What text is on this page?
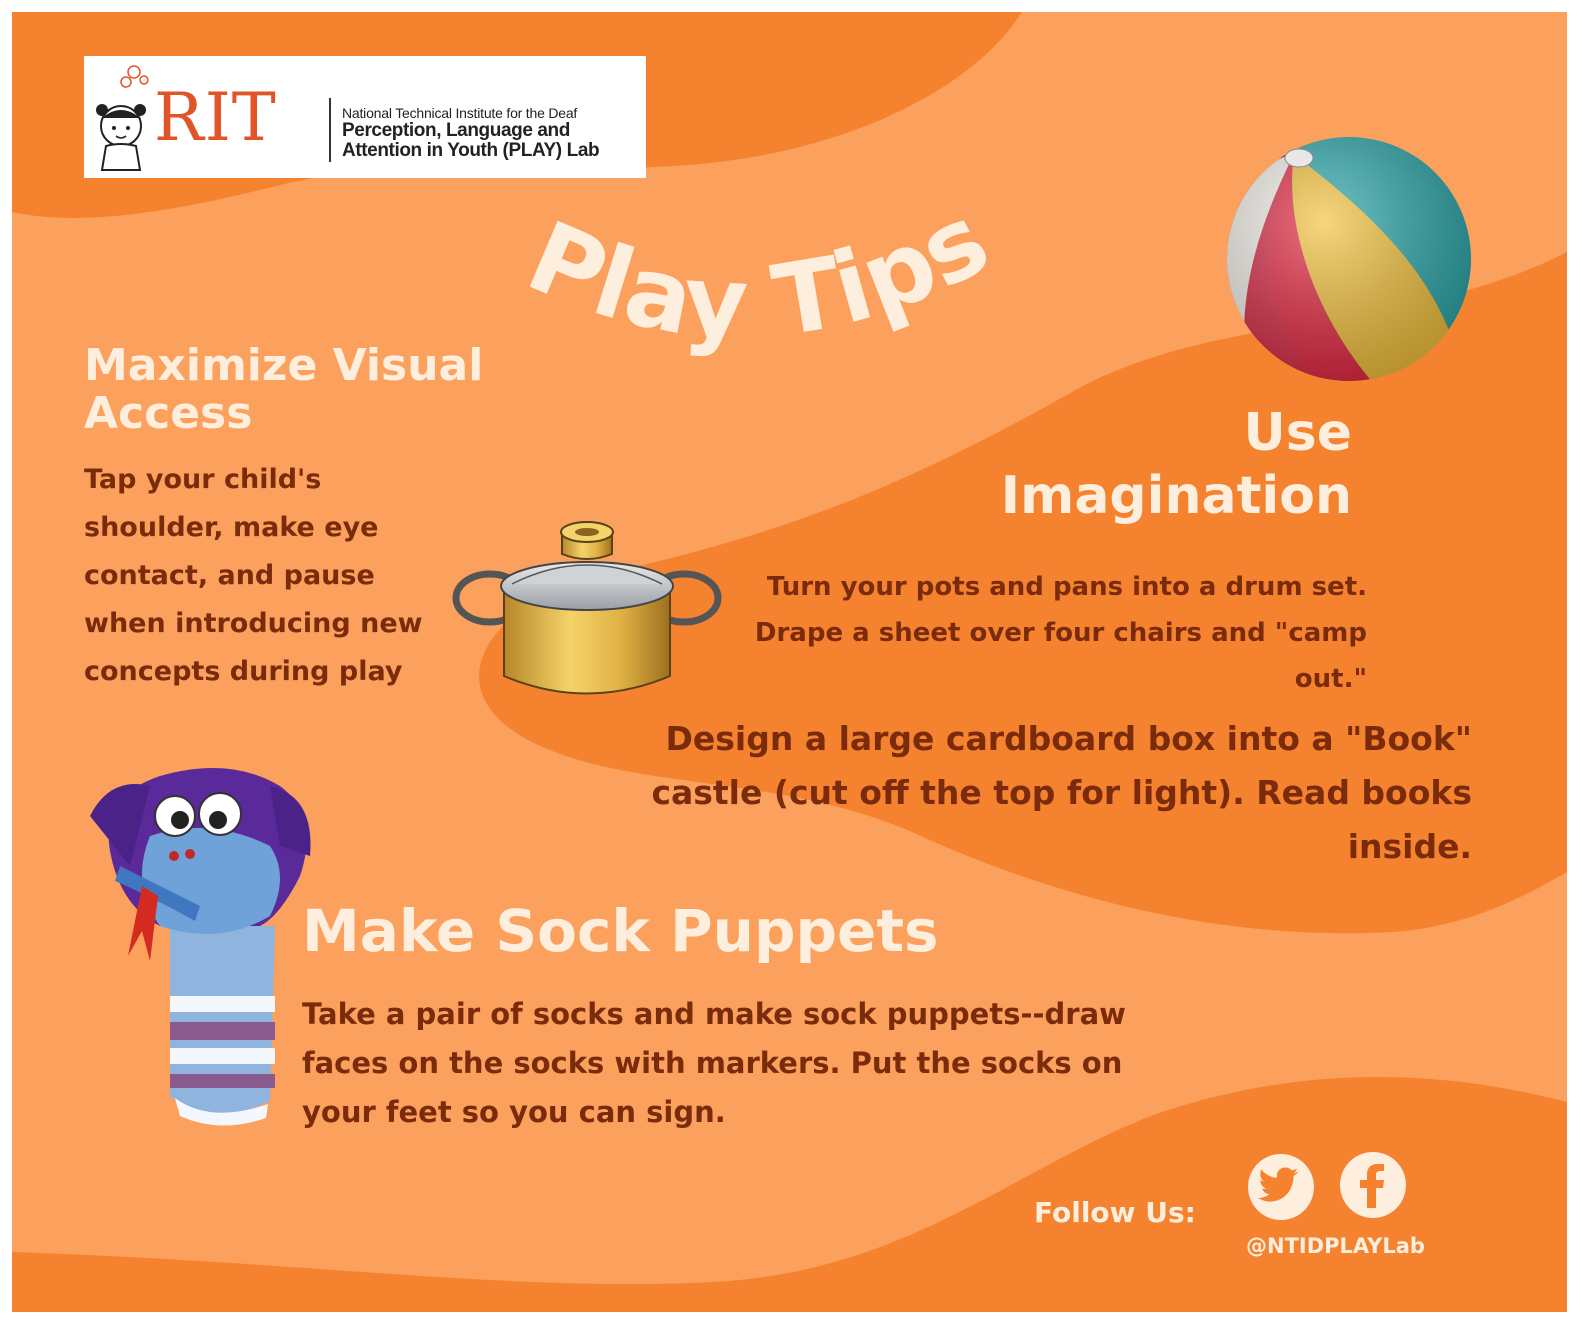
RIT	National Technical Institute for the Deaf
Perception, Language and
Attention in Youth (PLAY) Lab
Play Tips
Maximize Visual Access
Tap your child's shoulder, make eye contact, and pause when introducing new concepts during play
Use Imagination
Turn your pots and pans into a drum set. Drape a sheet over four chairs and "camp out."
Design a large cardboard box into a "Book" castle (cut off the top for light). Read books inside.
Make Sock Puppets
Take a pair of socks and make sock puppets--draw faces on the socks with markers. Put the socks on your feet so you can sign.
Follow Us:
@NTIDPLAYLab
